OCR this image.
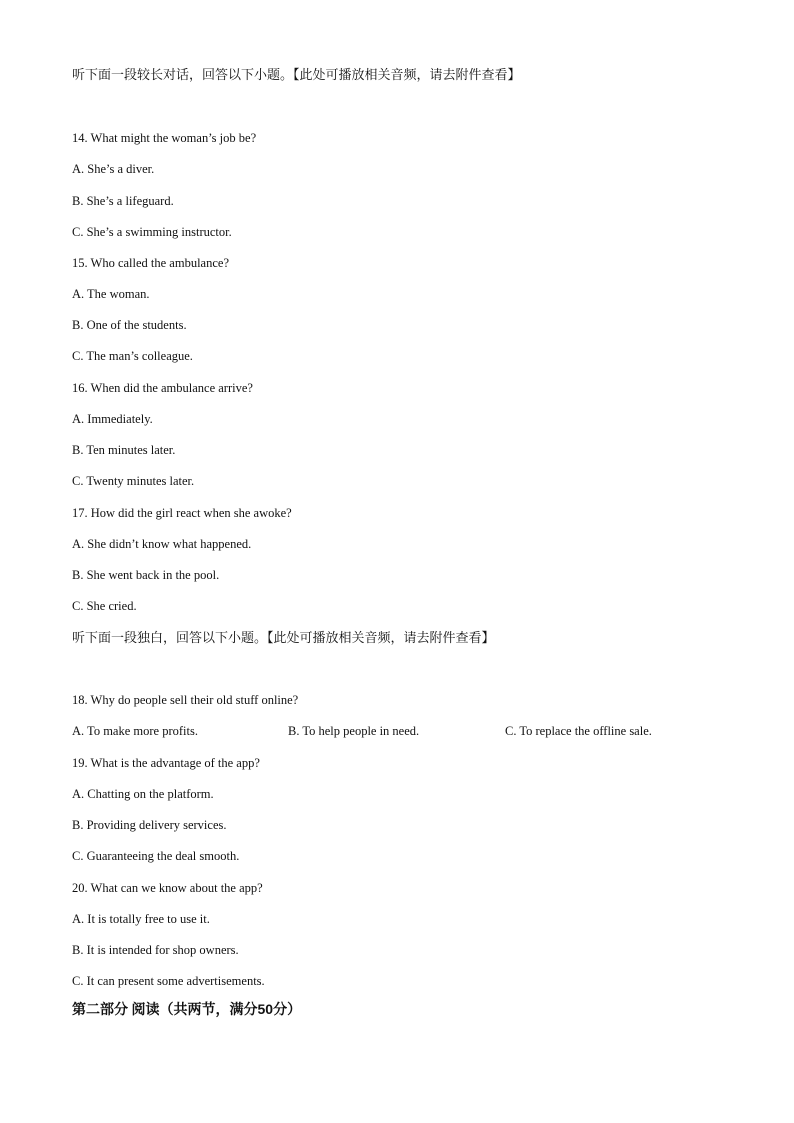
听下面一段较长对话，回答以下小题。【此处可播放相关音频，请去附件查看】
14. What might the woman’s job be?
A. She’s a diver.
B. She’s a lifeguard.
C. She’s a swimming instructor.
15. Who called the ambulance?
A. The woman.
B. One of the students.
C. The man’s colleague.
16. When did the ambulance arrive?
A. Immediately.
B. Ten minutes later.
C. Twenty minutes later.
17. How did the girl react when she awoke?
A. She didn’t know what happened.
B. She went back in the pool.
C. She cried.
听下面一段独白，回答以下小题。【此处可播放相关音频，请去附件查看】
18. Why do people sell their old stuff online?
A. To make more profits.	B. To help people in need.	C. To replace the offline sale.
19. What is the advantage of the app?
A. Chatting on the platform.
B. Providing delivery services.
C. Guaranteeing the deal smooth.
20. What can we know about the app?
A. It is totally free to use it.
B. It is intended for shop owners.
C. It can present some advertisements.
第二部分 阅读（共两节，满分50分）
